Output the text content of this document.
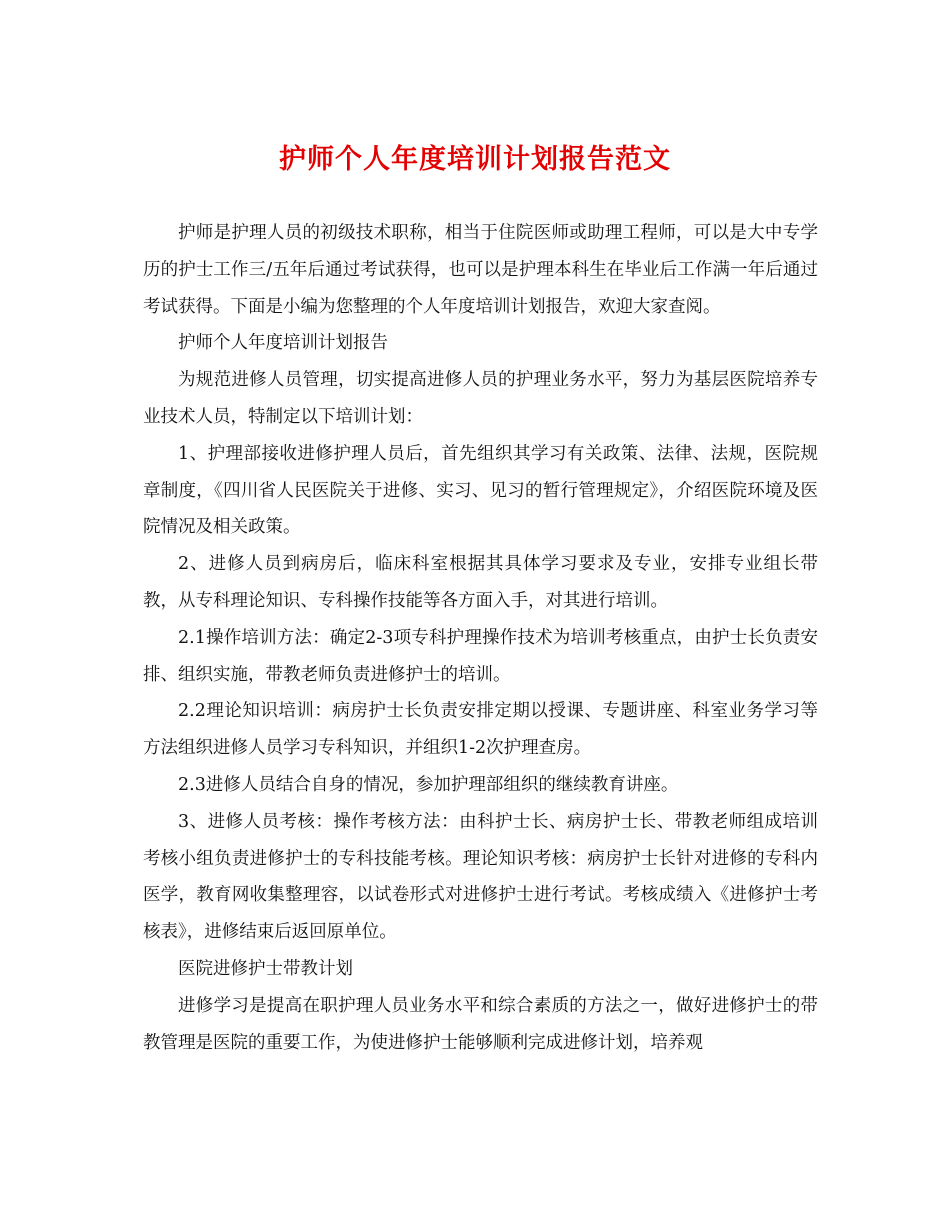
护师个人年度培训计划报告范文

护师是护理人员的初级技术职称，相当于住院医师或助理工程师，可以是大中专学历的护士工作三/五年后通过考试获得，也可以是护理本科生在毕业后工作满一年后通过考试获得。下面是小编为您整理的个人年度培训计划报告，欢迎大家查阅。

护师个人年度培训计划报告

为规范进修人员管理，切实提高进修人员的护理业务水平，努力为基层医院培养专业技术人员，特制定以下培训计划：

1、护理部接收进修护理人员后，首先组织其学习有关政策、法律、法规，医院规章制度，《四川省人民医院关于进修、实习、见习的暂行管理规定》，介绍医院环境及医院情况及相关政策。

2、进修人员到病房后，临床科室根据其具体学习要求及专业，安排专业组长带教，从专科理论知识、专科操作技能等各方面入手，对其进行培训。

2.1操作培训方法：确定2-3项专科护理操作技术为培训考核重点，由护士长负责安排、组织实施，带教老师负责进修护士的培训。

2.2理论知识培训：病房护士长负责安排定期以授课、专题讲座、科室业务学习等方法组织进修人员学习专科知识，并组织1-2次护理查房。

2.3进修人员结合自身的情况，参加护理部组织的继续教育讲座。

3、进修人员考核：操作考核方法：由科护士长、病房护士长、带教老师组成培训考核小组负责进修护士的专科技能考核。理论知识考核：病房护士长针对进修的专科内医学，教育网收集整理容，以试卷形式对进修护士进行考试。考核成绩入《进修护士考核表》，进修结束后返回原单位。

医院进修护士带教计划

进修学习是提高在职护理人员业务水平和综合素质的方法之一，做好进修护士的带教管理是医院的重要工作，为使进修护士能够顺利完成进修计划，培养观
